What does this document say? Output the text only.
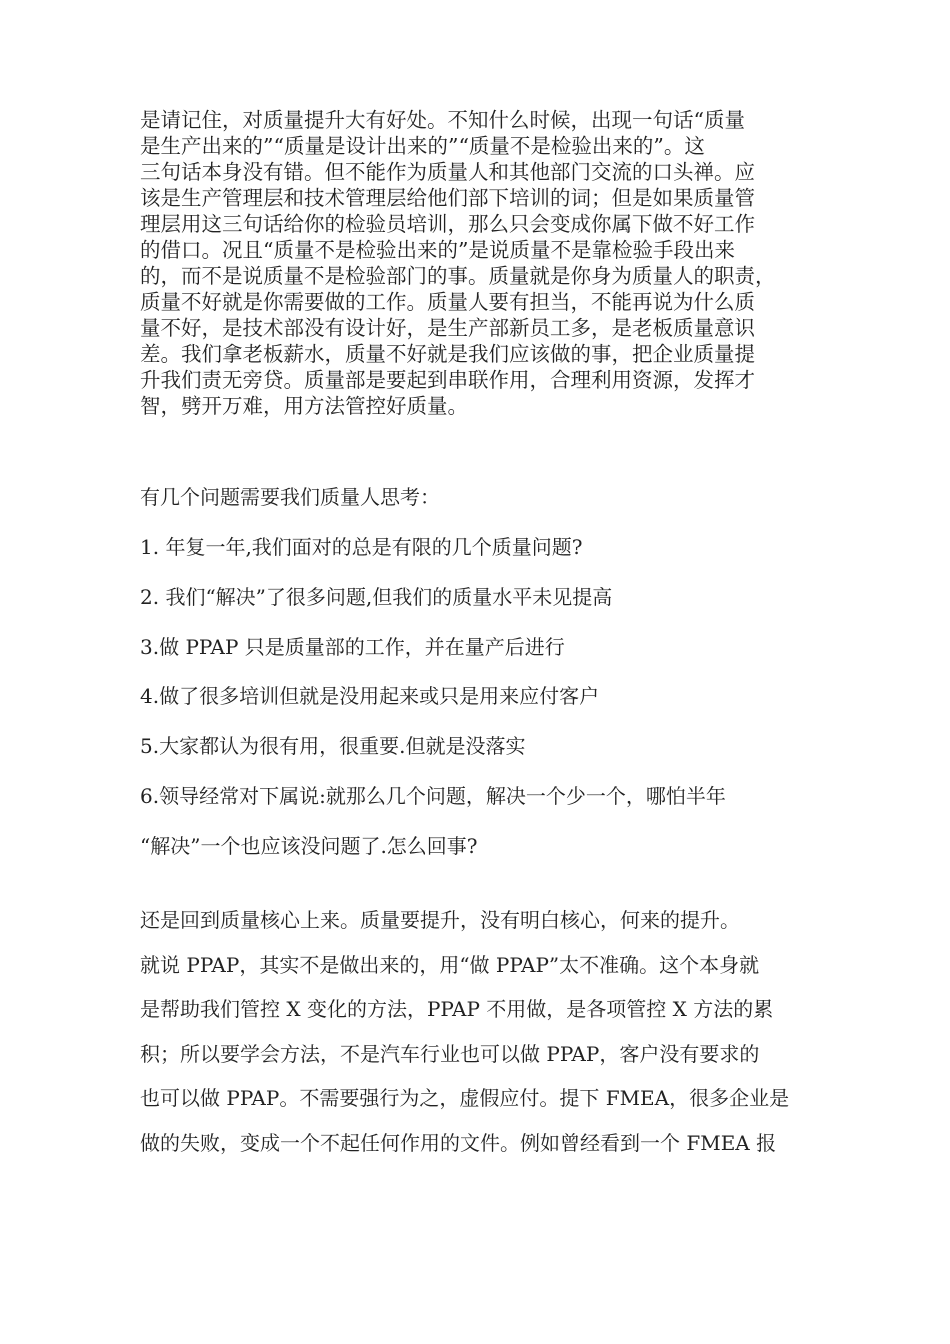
是请记住，对质量提升大有好处。不知什么时候，出现一句话“质量
是生产出来的”“质量是设计出来的”“质量不是检验出来的”。这
三句话本身没有错。但不能作为质量人和其他部门交流的口头禅。应
该是生产管理层和技术管理层给他们部下培训的词；但是如果质量管
理层用这三句话给你的检验员培训，那么只会变成你属下做不好工作
的借口。况且“质量不是检验出来的”是说质量不是靠检验手段出来
的，而不是说质量不是检验部门的事。质量就是你身为质量人的职责，
质量不好就是你需要做的工作。质量人要有担当，不能再说为什么质
量不好，是技术部没有设计好，是生产部新员工多，是老板质量意识
差。我们拿老板薪水，质量不好就是我们应该做的事，把企业质量提
升我们责无旁贷。质量部是要起到串联作用，合理利用资源，发挥才
智，劈开万难，用方法管控好质量。

有几个问题需要我们质量人思考：

1. 年复一年,我们面对的总是有限的几个质量问题?

2. 我们“解决”了很多问题,但我们的质量水平未见提高

3.做 PPAP 只是质量部的工作，并在量产后进行

4.做了很多培训但就是没用起来或只是用来应付客户

5.大家都认为很有用，很重要.但就是没落实

6.领导经常对下属说:就那么几个问题，解决一个少一个，哪怕半年

“解决”一个也应该没问题了.怎么回事?

还是回到质量核心上来。质量要提升，没有明白核心，何来的提升。
就说 PPAP，其实不是做出来的，用“做 PPAP”太不准确。这个本身就
是帮助我们管控 X 变化的方法，PPAP 不用做，是各项管控 X 方法的累
积；所以要学会方法，不是汽车行业也可以做 PPAP，客户没有要求的
也可以做 PPAP。不需要强行为之，虚假应付。提下 FMEA，很多企业是
做的失败，变成一个不起任何作用的文件。例如曾经看到一个 FMEA 报
